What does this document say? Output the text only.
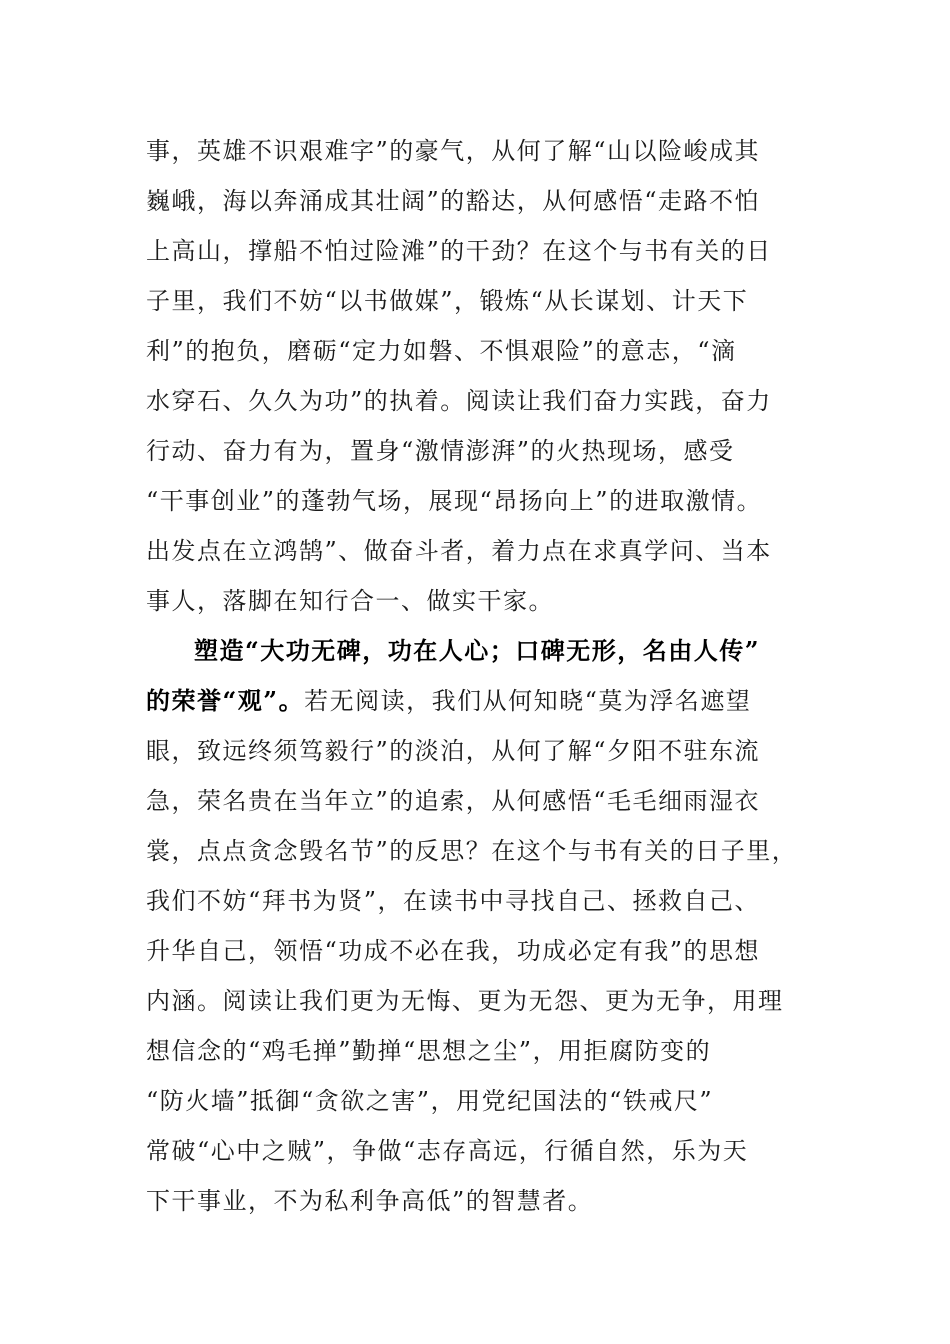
事，英雄不识艰难字”的豪气，从何了解“山以险峻成其
巍峨，海以奔涌成其壮阔”的豁达，从何感悟“走路不怕
上高山，撑船不怕过险滩”的干劲？在这个与书有关的日
子里，我们不妨“以书做媒”，锻炼“从长谋划、计天下
利”的抱负，磨砺“定力如磐、不惧艰险”的意志，“滴
水穿石、久久为功”的执着。阅读让我们奋力实践，奋力
行动、奋力有为，置身“激情澎湃”的火热现场，感受
“干事创业”的蓬勃气场，展现“昂扬向上”的进取激情。
出发点在立鸿鹄”、做奋斗者，着力点在求真学问、当本
事人，落脚在知行合一、做实干家。
塑造“大功无碑，功在人心；口碑无形，名由人传”
的荣誉“观”。若无阅读，我们从何知晓“莫为浮名遮望
眼，致远终须笃毅行”的淡泊，从何了解“夕阳不驻东流
急，荣名贵在当年立”的追索，从何感悟“毛毛细雨湿衣
裳，点点贪念毁名节”的反思？在这个与书有关的日子里，
我们不妨“拜书为贤”，在读书中寻找自己、拯救自己、
升华自己，领悟“功成不必在我，功成必定有我”的思想
内涵。阅读让我们更为无悔、更为无怨、更为无争，用理
想信念的“鸡毛掸”勤掸“思想之尘”，用拒腐防变的
“防火墙”抵御“贪欲之害”，用党纪国法的“铁戒尺”
常破“心中之贼”，争做“志存高远，行循自然，乐为天
下干事业，不为私利争高低”的智慧者。
